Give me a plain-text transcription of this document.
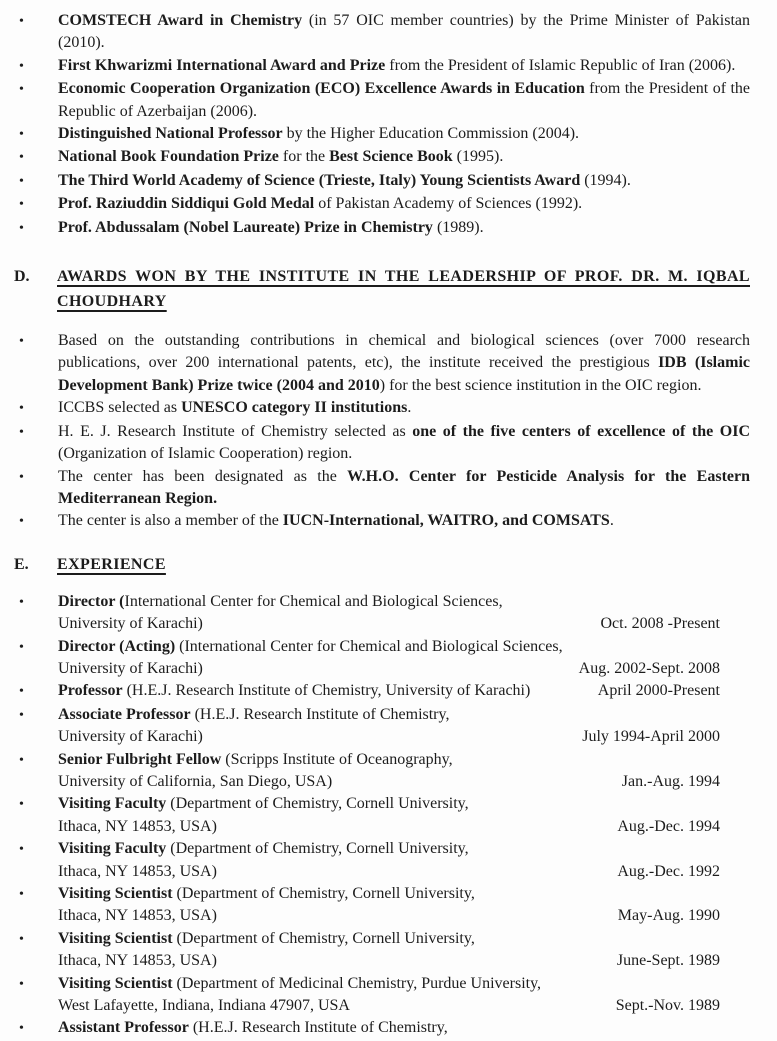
•	COMSTECH Award in Chemistry (in 57 OIC member countries) by the Prime Minister of Pakistan (2010).
•	First Khwarizmi International Award and Prize from the President of Islamic Republic of Iran (2006).
•	Economic Cooperation Organization (ECO) Excellence Awards in Education from the President of the Republic of Azerbaijan (2006).
•	Distinguished National Professor by the Higher Education Commission (2004).
•	National Book Foundation Prize for the Best Science Book (1995).
•	The Third World Academy of Science (Trieste, Italy) Young Scientists Award (1994).
•	Prof. Raziuddin Siddiqui Gold Medal of Pakistan Academy of Sciences (1992).
•	Prof. Abdussalam (Nobel Laureate) Prize in Chemistry (1989).
D.	AWARDS WON BY THE INSTITUTE IN THE LEADERSHIP OF PROF. DR. M. IQBAL
CHOUDHARY
•	Based on the outstanding contributions in chemical and biological sciences (over 7000 research publications, over 200 international patents, etc), the institute received the prestigious IDB (Islamic Development Bank) Prize twice (2004 and 2010) for the best science institution in the OIC region.
•	ICCBS selected as UNESCO category II institutions.
•	H. E. J. Research Institute of Chemistry selected as one of the five centers of excellence of the OIC (Organization of Islamic Cooperation) region.
•	The center has been designated as the W.H.O. Center for Pesticide Analysis for the Eastern Mediterranean Region.
•	The center is also a member of the IUCN-International, WAITRO, and COMSATS.
E.	EXPERIENCE
•	Director (International Center for Chemical and Biological Sciences,
University of Karachi)	Oct. 2008 -Present
•	Director (Acting) (International Center for Chemical and Biological Sciences,
University of Karachi)	Aug. 2002-Sept. 2008
•	Professor (H.E.J. Research Institute of Chemistry, University of Karachi)	April 2000-Present
•	Associate Professor (H.E.J. Research Institute of Chemistry,
University of Karachi)	July 1994-April 2000
•	Senior Fulbright Fellow (Scripps Institute of Oceanography,
University of California, San Diego, USA)	Jan.-Aug. 1994
•	Visiting Faculty (Department of Chemistry, Cornell University,
Ithaca, NY 14853, USA)	Aug.-Dec. 1994
•	Visiting Faculty (Department of Chemistry, Cornell University,
Ithaca, NY 14853, USA)	Aug.-Dec. 1992
•	Visiting Scientist (Department of Chemistry, Cornell University,
Ithaca, NY 14853, USA)	May-Aug. 1990
•	Visiting Scientist (Department of Chemistry, Cornell University,
Ithaca, NY 14853, USA)	June-Sept. 1989
•	Visiting Scientist (Department of Medicinal Chemistry, Purdue University,
West Lafayette, Indiana, Indiana 47907, USA	Sept.-Nov. 1989
•	Assistant Professor (H.E.J. Research Institute of Chemistry,
